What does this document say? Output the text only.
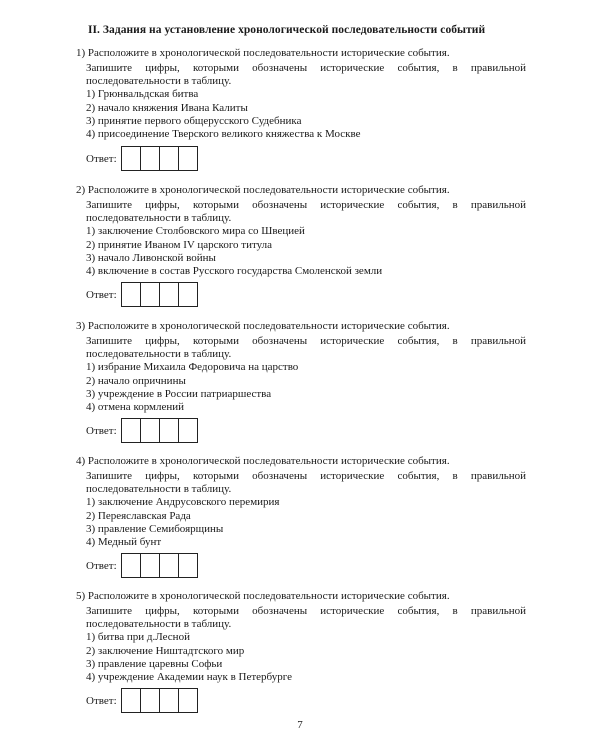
II. Задания на установление хронологической последовательности событий
1) Расположите в хронологической последовательности исторические события.
Запишите цифры, которыми обозначены исторические события, в правильной последовательности в таблицу.
1) Грюнвальдская битва
2) начало княжения Ивана Калиты
3) принятие первого общерусского Судебника
4) присоединение Тверского великого княжества к Москве
Ответ:
2) Расположите в хронологической последовательности исторические события.
Запишите цифры, которыми обозначены исторические события, в правильной последовательности в таблицу.
1) заключение Столбовского мира со Швецией
2) принятие Иваном IV царского титула
3) начало Ливонской войны
4) включение в состав Русского государства Смоленской земли
Ответ:
3) Расположите в хронологической последовательности исторические события.
Запишите цифры, которыми обозначены исторические события, в правильной последовательности в таблицу.
1) избрание Михаила Федоровича на царство
2) начало опричнины
3) учреждение в России патриаршества
4) отмена кормлений
Ответ:
4) Расположите в хронологической последовательности исторические события.
Запишите цифры, которыми обозначены исторические события, в правильной последовательности в таблицу.
1) заключение Андрусовского перемирия
2) Переяславская Рада
3) правление Семибоярщины
4) Медный бунт
Ответ:
5) Расположите в хронологической последовательности исторические события.
Запишите цифры, которыми обозначены исторические события, в правильной последовательности в таблицу.
1) битва при д.Лесной
2) заключение Ништадтского мир
3) правление царевны Софьи
4) учреждение Академии наук в Петербурге
Ответ:
7
